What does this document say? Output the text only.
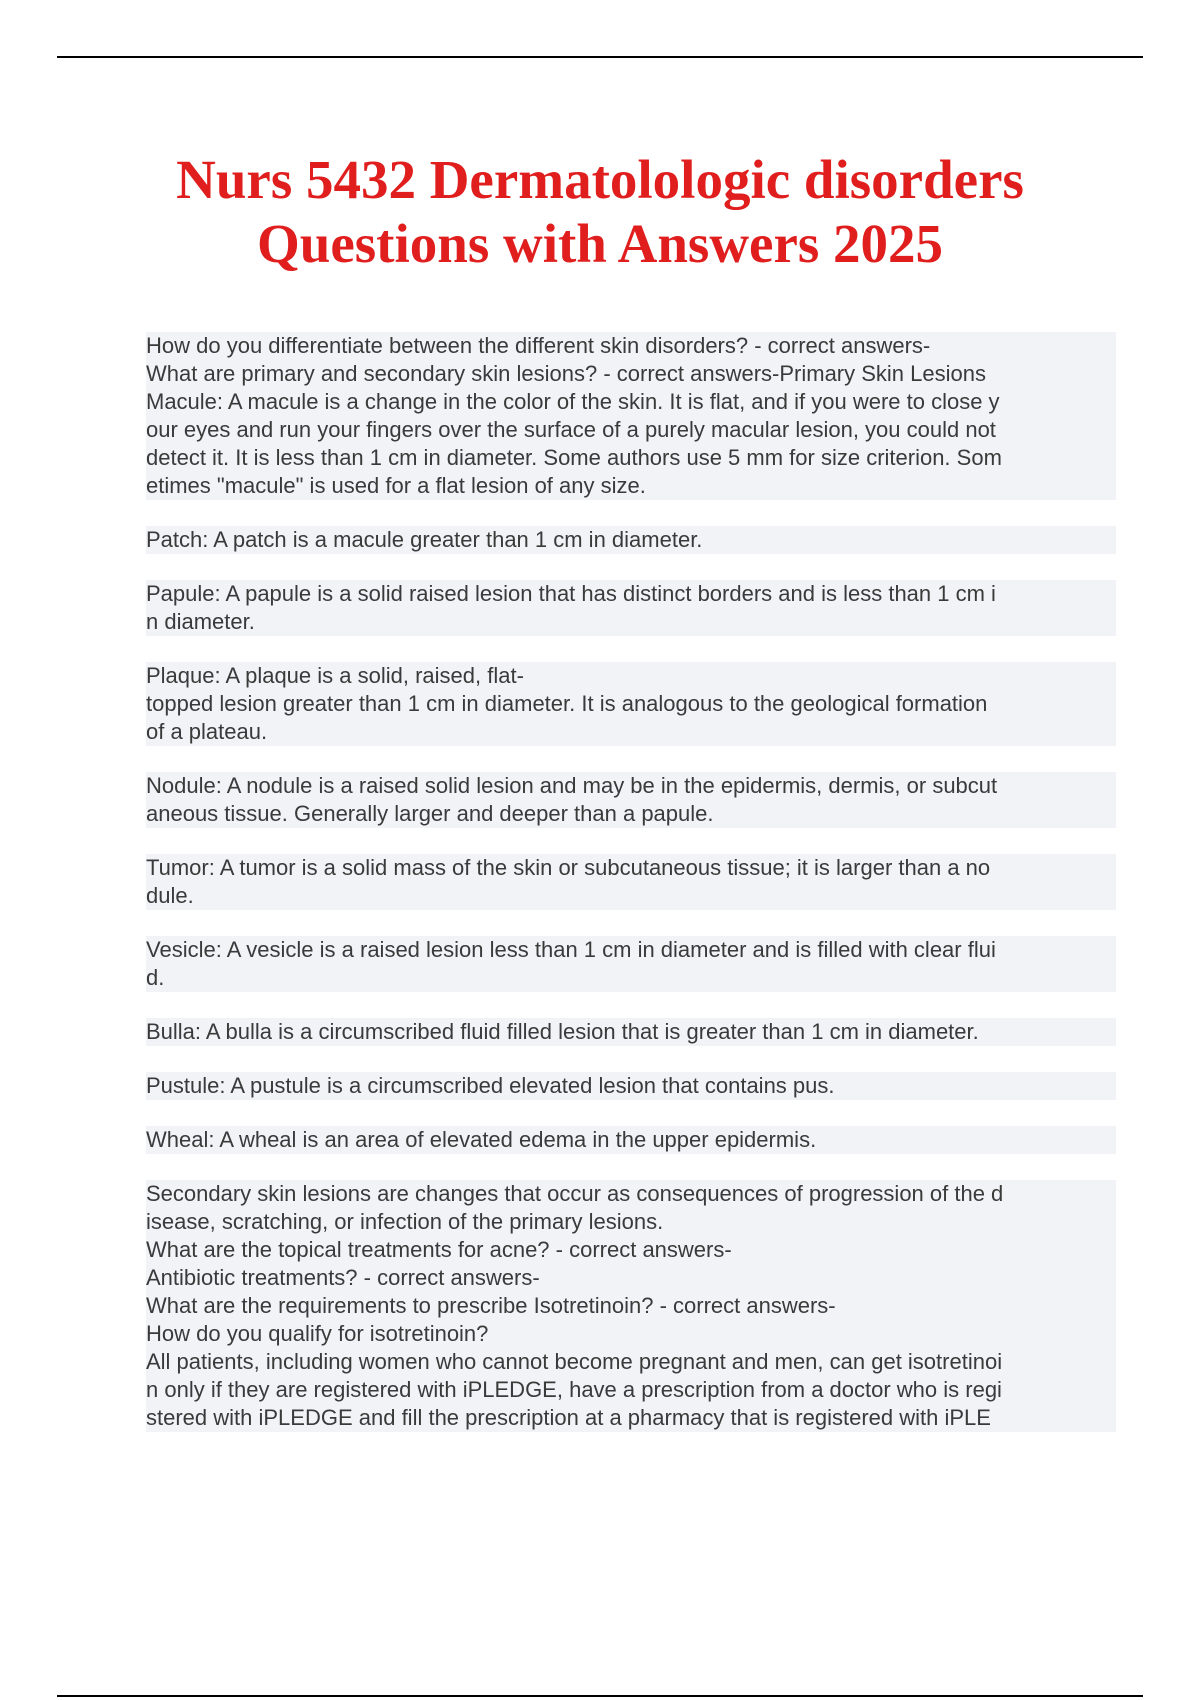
Nurs 5432 Dermatolologic disorders
Questions with Answers 2025
How do you differentiate between the different skin disorders? - correct answers-
What are primary and secondary skin lesions? - correct answers-Primary Skin Lesions
Macule: A macule is a change in the color of the skin. It is flat, and if you were to close y
our eyes and run your fingers over the surface of a purely macular lesion, you could not
detect it. It is less than 1 cm in diameter. Some authors use 5 mm for size criterion. Som
etimes "macule" is used for a flat lesion of any size.
Patch: A patch is a macule greater than 1 cm in diameter.
Papule: A papule is a solid raised lesion that has distinct borders and is less than 1 cm i
n diameter.
Plaque: A plaque is a solid, raised, flat-
topped lesion greater than 1 cm in diameter. It is analogous to the geological formation
of a plateau.
Nodule: A nodule is a raised solid lesion and may be in the epidermis, dermis, or subcut
aneous tissue. Generally larger and deeper than a papule.
Tumor: A tumor is a solid mass of the skin or subcutaneous tissue; it is larger than a no
dule.
Vesicle: A vesicle is a raised lesion less than 1 cm in diameter and is filled with clear flui
d.
Bulla: A bulla is a circumscribed fluid filled lesion that is greater than 1 cm in diameter.
Pustule: A pustule is a circumscribed elevated lesion that contains pus.
Wheal: A wheal is an area of elevated edema in the upper epidermis.
Secondary skin lesions are changes that occur as consequences of progression of the d
isease, scratching, or infection of the primary lesions.
What are the topical treatments for acne? - correct answers-
Antibiotic treatments? - correct answers-
What are the requirements to prescribe Isotretinoin? - correct answers-
How do you qualify for isotretinoin?
All patients, including women who cannot become pregnant and men, can get isotretinoi
n only if they are registered with iPLEDGE, have a prescription from a doctor who is regi
stered with iPLEDGE and fill the prescription at a pharmacy that is registered with iPLE
